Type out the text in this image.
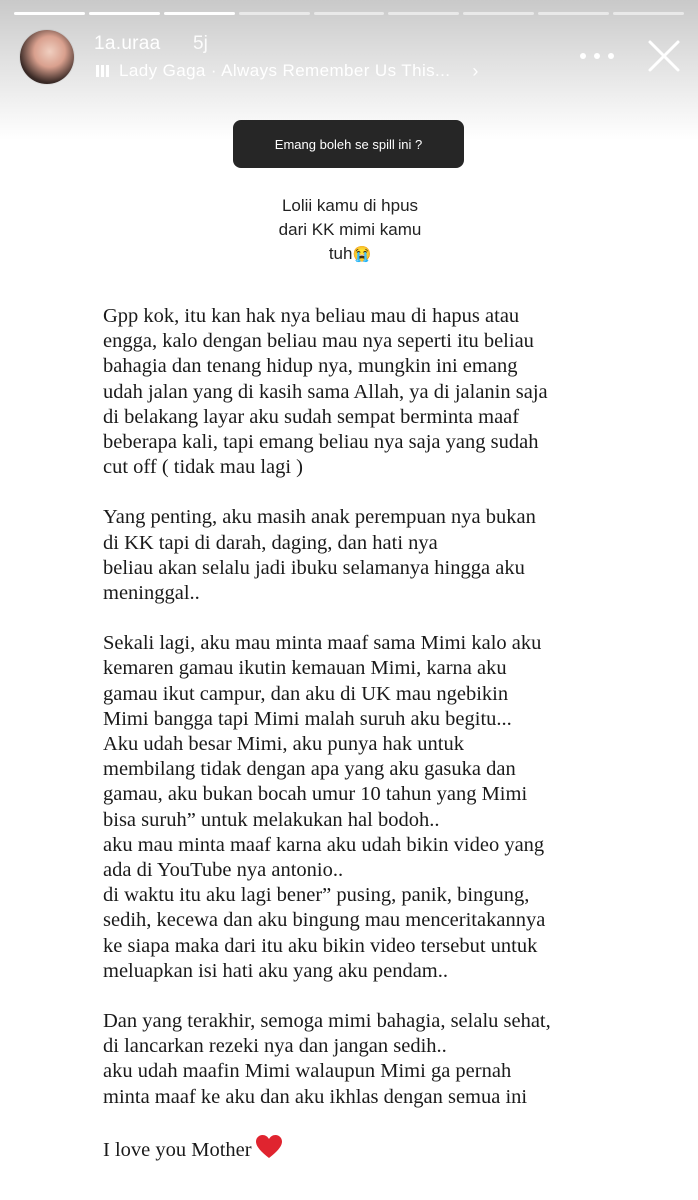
1a.uraa 5j
Lady Gaga · Always Remember Us This... ›
Emang boleh se spill ini ?
Lolii kamu di hpus
dari KK mimi kamu
tuh😭

Gpp kok, itu kan hak nya beliau mau di hapus atau
engga, kalo dengan beliau mau nya seperti itu beliau
bahagia dan tenang hidup nya, mungkin ini emang
udah jalan yang di kasih sama Allah, ya di jalanin saja
di belakang layar aku sudah sempat berminta maaf
beberapa kali, tapi emang beliau nya saja yang sudah
cut off ( tidak mau lagi )

Yang penting, aku masih anak perempuan nya bukan
di KK tapi di darah, daging, dan hati nya
beliau akan selalu jadi ibuku selamanya hingga aku
meninggal..

Sekali lagi, aku mau minta maaf sama Mimi kalo aku
kemaren gamau ikutin kemauan Mimi, karna aku
gamau ikut campur, dan aku di UK mau ngebikin
Mimi bangga tapi Mimi malah suruh aku begitu...
Aku udah besar Mimi, aku punya hak untuk
membilang tidak dengan apa yang aku gasuka dan
gamau, aku bukan bocah umur 10 tahun yang Mimi
bisa suruh” untuk melakukan hal bodoh..
aku mau minta maaf karna aku udah bikin video yang
ada di YouTube nya antonio..
di waktu itu aku lagi bener” pusing, panik, bingung,
sedih, kecewa dan aku bingung mau menceritakannya
ke siapa maka dari itu aku bikin video tersebut untuk
meluapkan isi hati aku yang aku pendam..

Dan yang terakhir, semoga mimi bahagia, selalu sehat,
di lancarkan rezeki nya dan jangan sedih..
aku udah maafin Mimi walaupun Mimi ga pernah
minta maaf ke aku dan aku ikhlas dengan semua ini

I love you Mother
